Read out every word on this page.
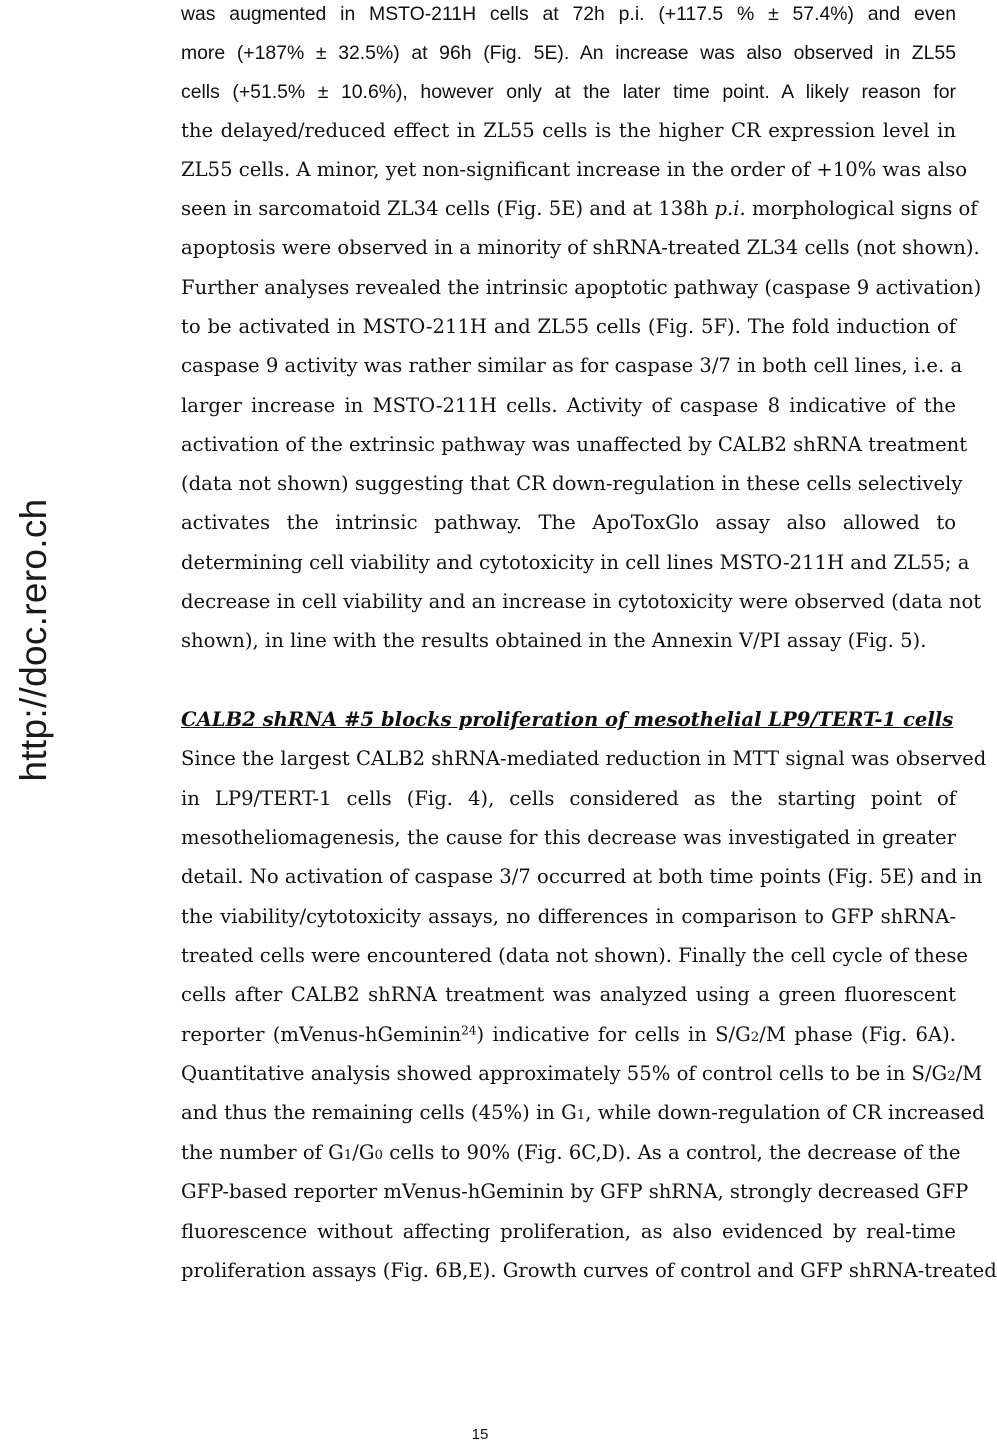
http://doc.rero.ch
was augmented in MSTO-211H cells at 72h p.i. (+117.5 % ± 57.4%) and even
more (+187% ± 32.5%) at 96h (Fig. 5E). An increase was also observed in ZL55
cells (+51.5% ± 10.6%), however only at the later time point. A likely reason for
the delayed/reduced effect in ZL55 cells is the higher CR expression level in
ZL55 cells. A minor, yet non-significant increase in the order of +10% was also
seen in sarcomatoid ZL34 cells (Fig. 5E) and at 138h p.i. morphological signs of
apoptosis were observed in a minority of shRNA-treated ZL34 cells (not shown).
Further analyses revealed the intrinsic apoptotic pathway (caspase 9 activation)
to be activated in MSTO-211H and ZL55 cells (Fig. 5F). The fold induction of
caspase 9 activity was rather similar as for caspase 3/7 in both cell lines, i.e. a
larger increase in MSTO-211H cells. Activity of caspase 8 indicative of the
activation of the extrinsic pathway was unaffected by CALB2 shRNA treatment
(data not shown) suggesting that CR down-regulation in these cells selectively
activates the intrinsic pathway. The ApoToxGlo assay also allowed to
determining cell viability and cytotoxicity in cell lines MSTO-211H and ZL55; a
decrease in cell viability and an increase in cytotoxicity were observed (data not
shown), in line with the results obtained in the Annexin V/PI assay (Fig. 5).
CALB2 shRNA #5 blocks proliferation of mesothelial LP9/TERT-1 cells
Since the largest CALB2 shRNA-mediated reduction in MTT signal was observed
in LP9/TERT-1 cells (Fig. 4), cells considered as the starting point of
mesotheliomagenesis, the cause for this decrease was investigated in greater
detail. No activation of caspase 3/7 occurred at both time points (Fig. 5E) and in
the viability/cytotoxicity assays, no differences in comparison to GFP shRNA-
treated cells were encountered (data not shown). Finally the cell cycle of these
cells after CALB2 shRNA treatment was analyzed using a green fluorescent
reporter (mVenus-hGeminin$^{24}$) indicative for cells in S/G2/M phase (Fig. 6A).
Quantitative analysis showed approximately 55% of control cells to be in S/G2/M
and thus the remaining cells (45%) in G1, while down-regulation of CR increased
the number of G1/G0 cells to 90% (Fig. 6C,D). As a control, the decrease of the
GFP-based reporter mVenus-hGeminin by GFP shRNA, strongly decreased GFP
fluorescence without affecting proliferation, as also evidenced by real-time
proliferation assays (Fig. 6B,E). Growth curves of control and GFP shRNA-treated
15
